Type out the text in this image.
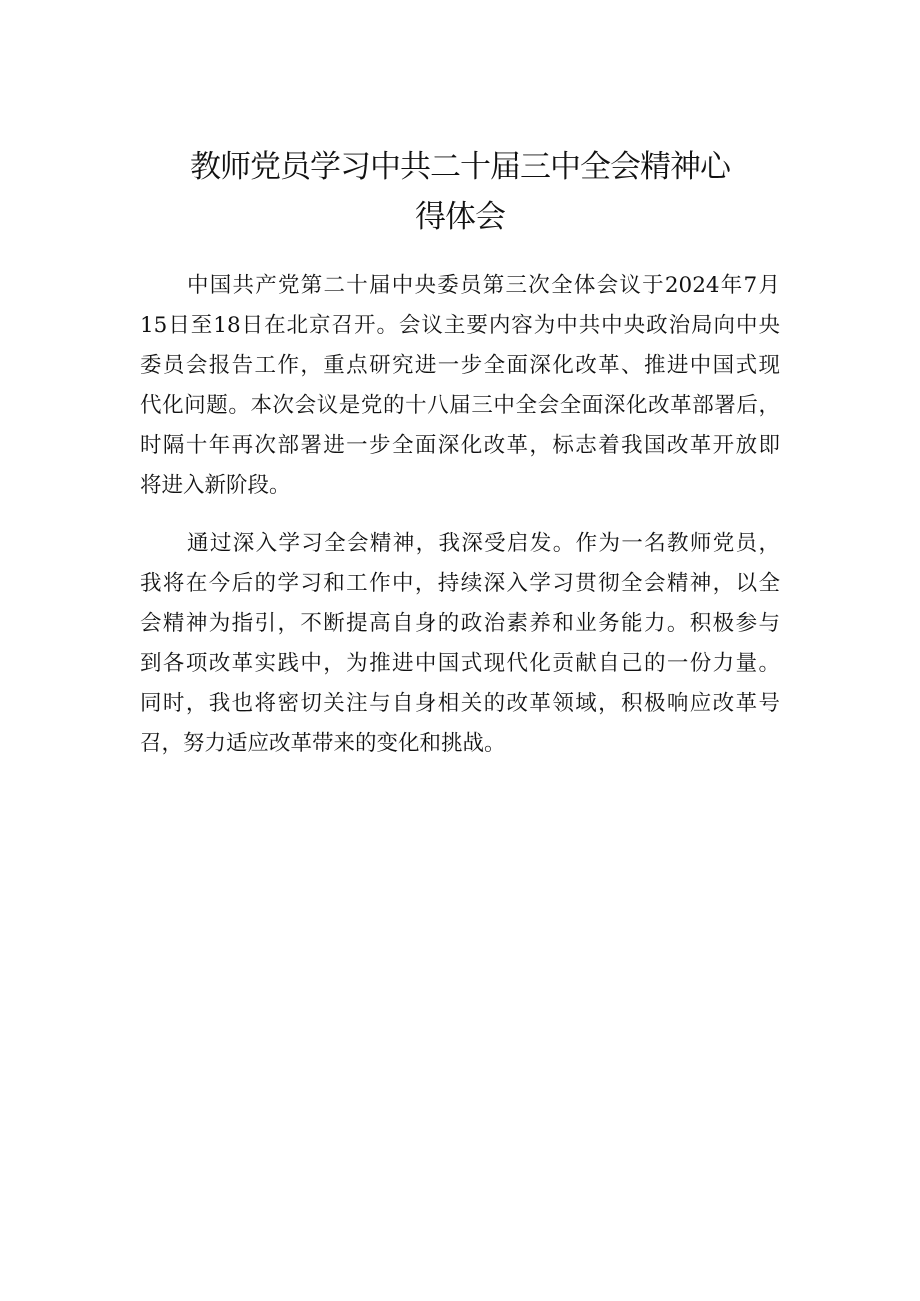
教师党员学习中共二十届三中全会精神心
得体会

中国共产党第二十届中央委员第三次全体会议于2024年7月
15日至18日在北京召开。会议主要内容为中共中央政治局向中央
委员会报告工作，重点研究进一步全面深化改革、推进中国式现
代化问题。本次会议是党的十八届三中全会全面深化改革部署后，
时隔十年再次部署进一步全面深化改革，标志着我国改革开放即
将进入新阶段。

通过深入学习全会精神，我深受启发。作为一名教师党员，
我将在今后的学习和工作中，持续深入学习贯彻全会精神，以全
会精神为指引，不断提高自身的政治素养和业务能力。积极参与
到各项改革实践中，为推进中国式现代化贡献自己的一份力量。
同时，我也将密切关注与自身相关的改革领域，积极响应改革号
召，努力适应改革带来的变化和挑战。
